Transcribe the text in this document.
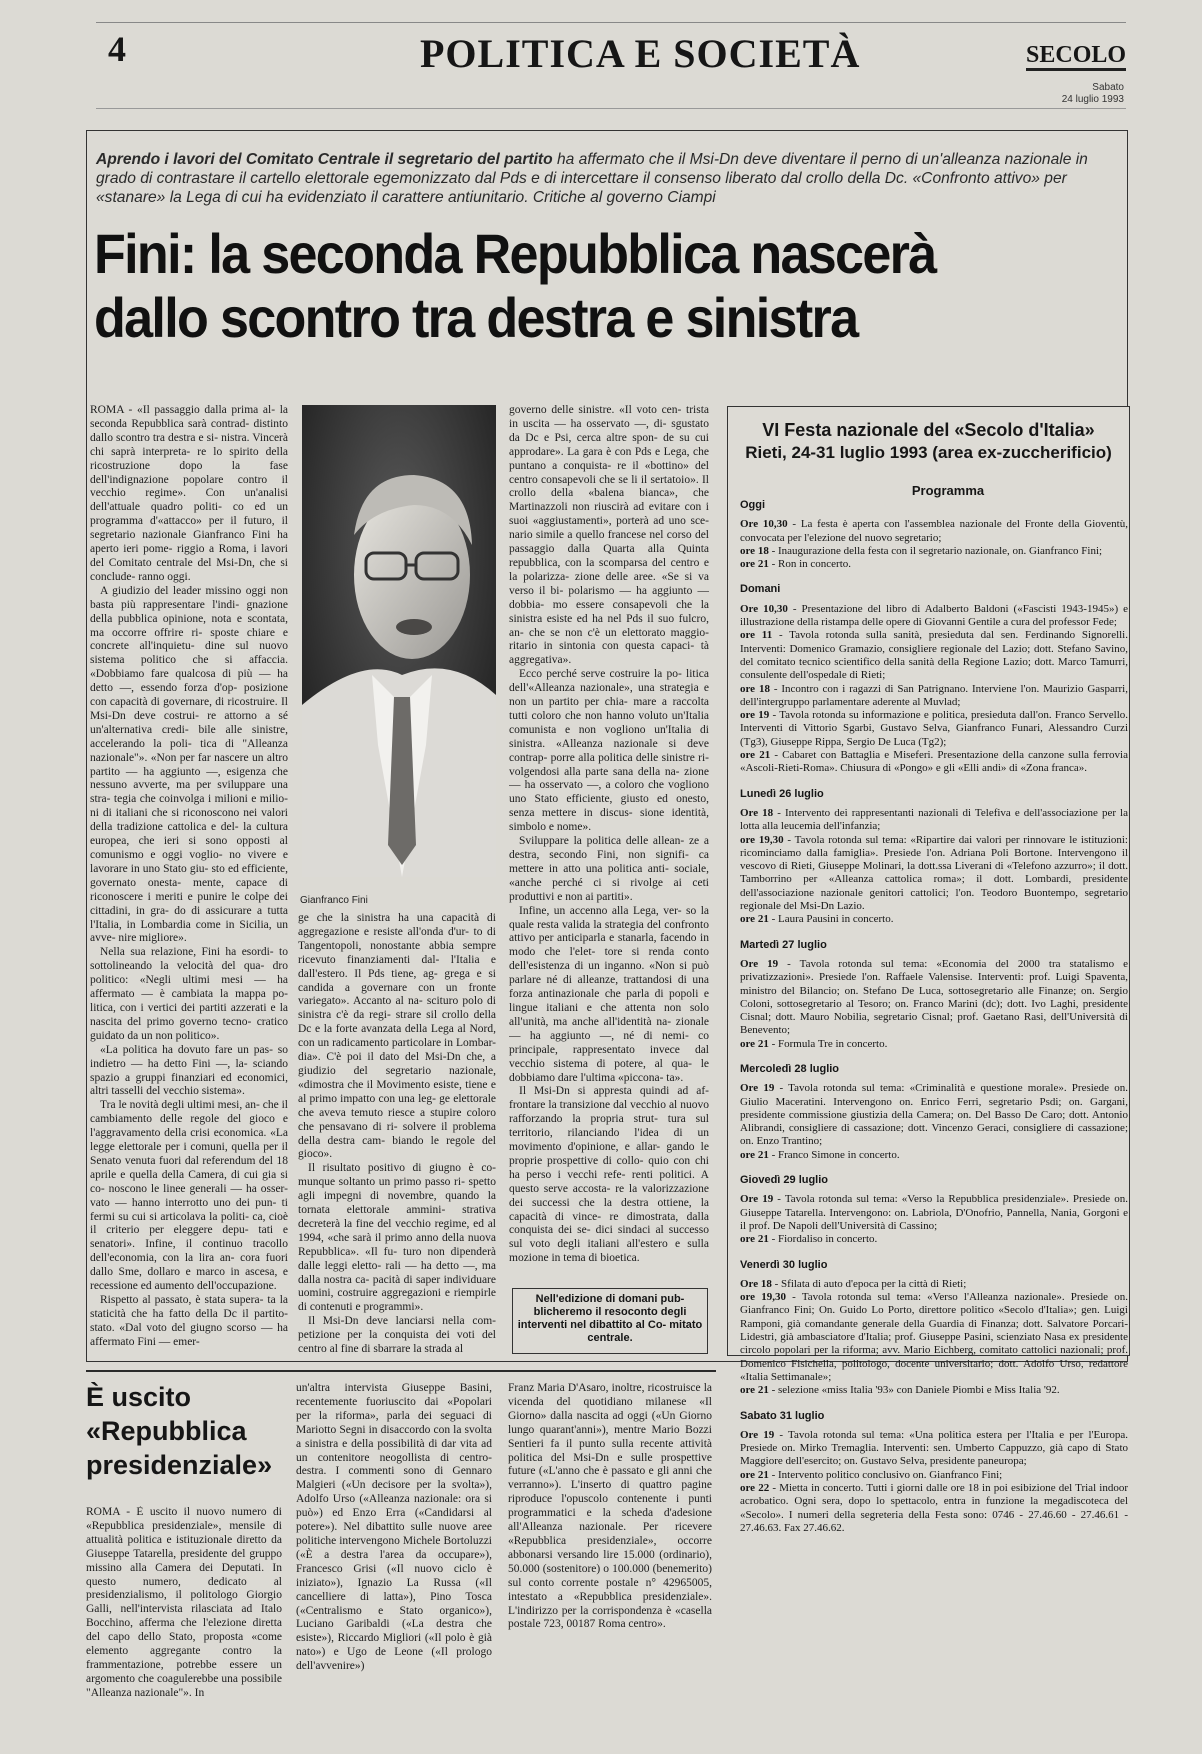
4	POLITICA E SOCIETÀ	SECOLO
Sabato
24 luglio 1993
Aprendo i lavori del Comitato Centrale il segretario del partito ha affermato che il Msi-Dn deve diventare il perno di un'alleanza nazionale in grado di contrastare il cartello elettorale egemonizzato dal Pds e di intercettare il consenso liberato dal crollo della Dc. «Confronto attivo» per «stanare» la Lega di cui ha evidenziato il carattere antiunitario. Critiche al governo Ciampi
Fini: la seconda Repubblica nascerà
dallo scontro tra destra e sinistra

ROMA - «Il passaggio dalla prima al- la seconda Repubblica sarà contrad- distinto dallo scontro tra destra e si- nistra. Vincerà chi saprà interpreta- re lo spirito della ricostruzione dopo la fase dell'indignazione popolare contro il vecchio regime». Con un'analisi dell'attuale quadro politi- co ed un programma d'«attacco» per il futuro, il segretario nazionale Gianfranco Fini ha aperto ieri pome- riggio a Roma, i lavori del Comitato centrale del Msi-Dn, che si conclude- ranno oggi.

A giudizio del leader missino oggi non basta più rappresentare l'indi- gnazione della pubblica opinione, nota e scontata, ma occorre offrire ri- sposte chiare e concrete all'inquietu- dine sul nuovo sistema politico che si affaccia. «Dobbiamo fare qualcosa di più — ha detto —, essendo forza d'op- posizione con capacità di governare, di ricostruire. Il Msi-Dn deve costrui- re attorno a sé un'alternativa credi- bile alle sinistre, accelerando la poli- tica di "Alleanza nazionale"». «Non per far nascere un altro partito — ha aggiunto —, esigenza che nessuno avverte, ma per sviluppare una stra- tegia che coinvolga i milioni e milio- ni di italiani che si riconoscono nei valori della tradizione cattolica e del- la cultura europea, che ieri si sono opposti al comunismo e oggi voglio- no vivere e lavorare in uno Stato giu- sto ed efficiente, governato onesta- mente, capace di riconoscere i meriti e punire le colpe dei cittadini, in gra- do di assicurare a tutta l'Italia, in Lombardia come in Sicilia, un avve- nire migliore».

Nella sua relazione, Fini ha esordi- to sottolineando la velocità del qua- dro politico: «Negli ultimi mesi — ha affermato — è cambiata la mappa po- litica, con i vertici dei partiti azzerati e la nascita del primo governo tecno- cratico guidato da un non politico».

«La politica ha dovuto fare un pas- so indietro — ha detto Fini —, la- sciando spazio a gruppi finanziari ed economici, altri tasselli del vecchio sistema».

Tra le novità degli ultimi mesi, an- che il cambiamento delle regole del gioco e l'aggravamento della crisi economica. «La legge elettorale per i comuni, quella per il Senato venuta fuori dal referendum del 18 aprile e quella della Camera, di cui gia si co- noscono le linee generali — ha osser- vato — hanno interrotto uno dei pun- ti fermi su cui si articolava la politi- ca, cioè il criterio per eleggere depu- tati e senatori». Infine, il continuo tracollo dell'economia, con la lira an- cora fuori dallo Sme, dollaro e marco in ascesa, e recessione ed aumento dell'occupazione.

Rispetto al passato, è stata supera- ta la staticità che ha fatto della Dc il partito-stato. «Dal voto del giugno scorso — ha affermato Fini — emer-

Gianfranco Fini

ge che la sinistra ha una capacità di aggregazione e resiste all'onda d'ur- to di Tangentopoli, nonostante abbia sempre ricevuto finanziamenti dal- l'Italia e dall'estero. Il Pds tiene, ag- grega e si candida a governare con un fronte variegato». Accanto al na- scituro polo di sinistra c'è da regi- strare sil crollo della Dc e la forte avanzata della Lega al Nord, con un radicamento particolare in Lombar- dia». C'è poi il dato del Msi-Dn che, a giudizio del segretario nazionale, «dimostra che il Movimento esiste, tiene e al primo impatto con una leg- ge elettorale che aveva temuto riesce a stupire coloro che pensavano di ri- solvere il problema della destra cam- biando le regole del gioco».

Il risultato positivo di giugno è co- munque soltanto un primo passo ri- spetto agli impegni di novembre, quando la tornata elettorale ammini- strativa decreterà la fine del vecchio regime, ed al 1994, «che sarà il primo anno della nuova Repubblica». «Il fu- turo non dipenderà dalle leggi eletto- rali — ha detto —, ma dalla nostra ca- pacità di saper individuare uomini, costruire aggregazioni e riempirle di contenuti e programmi».

Il Msi-Dn deve lanciarsi nella com- petizione per la conquista dei voti del centro al fine di sbarrare la strada al

governo delle sinistre. «Il voto cen- trista in uscita — ha osservato —, di- sgustato da Dc e Psi, cerca altre spon- de su cui approdare». La gara è con Pds e Lega, che puntano a conquista- re il «bottino» del centro consapevoli che se li il sertatoio». Il crollo della «balena bianca», che Martinazzoli non riuscirà ad evitare con i suoi «aggiustamenti», porterà ad uno sce- nario simile a quello francese nel corso del passaggio dalla Quarta alla Quinta repubblica, con la scomparsa del centro e la polarizza- zione delle aree. «Se si va verso il bi- polarismo — ha aggiunto — dobbia- mo essere consapevoli che la sinistra esiste ed ha nel Pds il suo fulcro, an- che se non c'è un elettorato maggio- ritario in sintonia con questa capaci- tà aggregativa».

Ecco perché serve costruire la po- litica dell'«Alleanza nazionale», una strategia e non un partito per chia- mare a raccolta tutti coloro che non hanno voluto un'Italia comunista e non vogliono un'Italia di sinistra. «Alleanza nazionale si deve contrap- porre alla politica delle sinistre ri- volgendosi alla parte sana della na- zione — ha osservato —, a coloro che vogliono uno Stato efficiente, giusto ed onesto, senza mettere in discus- sione identità, simbolo e nome».

Sviluppare la politica delle allean- ze a destra, secondo Fini, non signifi- ca mettere in atto una politica anti- sociale, «anche perché ci si rivolge ai ceti produttivi e non ai partiti».

Infine, un accenno alla Lega, ver- so la quale resta valida la strategia del confronto attivo per anticiparla e stanarla, facendo in modo che l'elet- tore si renda conto dell'esistenza di un inganno. «Non si può parlare né di alleanze, trattandosi di una forza antinazionale che parla di popoli e lingue italiani e che attenta non solo all'unità, ma anche all'identità na- zionale — ha aggiunto —, né di nemi- co principale, rappresentato invece dal vecchio sistema di potere, al qua- le dobbiamo dare l'ultima «piccona- ta».

Il Msi-Dn si appresta quindi ad af- frontare la transizione dal vecchio al nuovo rafforzando la propria strut- tura sul territorio, rilanciando l'idea di un movimento d'opinione, e allar- gando le proprie prospettive di collo- quio con chi ha perso i vecchi refe- renti politici. A questo serve accosta- re la valorizzazione dei successi che la destra ottiene, la capacità di vince- re dimostrata, dalla conquista dei se- dici sindaci al successo sul voto degli italiani all'estero e sulla mozione in tema di bioetica.

Nell'edizione di domani pub- blicheremo il resoconto degli interventi nel dibattito al Co- mitato centrale.
VI Festa nazionale del «Secolo d'Italia»
Rieti, 24-31 luglio 1993 (area ex-zuccherificio)
Programma
Oggi

Ore 10,30 - La festa è aperta con l'assemblea nazionale del Fronte della Gioventù, convocata per l'elezione del nuovo segretario;

ore 18 - Inaugurazione della festa con il segretario nazionale, on. Gianfranco Fini;

ore 21 - Ron in concerto.

Domani

Ore 10,30 - Presentazione del libro di Adalberto Baldoni («Fascisti 1943-1945») e illustrazione della ristampa delle opere di Giovanni Gentile a cura del professor Fede;

ore 11 - Tavola rotonda sulla sanità, presieduta dal sen. Ferdinando Signorelli. Interventi: Domenico Gramazio, consigliere regionale del Lazio; dott. Stefano Savino, del comitato tecnico scientifico della sanità della Regione Lazio; dott. Marco Tamurri, consulente dell'ospedale di Rieti;

ore 18 - Incontro con i ragazzi di San Patrignano. Interviene l'on. Maurizio Gasparri, dell'intergruppo parlamentare aderente al Muvlad;

ore 19 - Tavola rotonda su informazione e politica, presieduta dall'on. Franco Servello. Interventi di Vittorio Sgarbi, Gustavo Selva, Gianfranco Funari, Alessandro Curzi (Tg3), Giuseppe Rippa, Sergio De Luca (Tg2);

ore 21 - Cabaret con Battaglia e Miseferi. Presentazione della canzone sulla ferrovia «Ascoli-Rieti-Roma». Chiusura di «Pongo» e gli «Elli andi» di «Zona franca».

Lunedì 26 luglio

Ore 18 - Intervento dei rappresentanti nazionali di Telefiva e dell'associazione per la lotta alla leucemia dell'infanzia;

ore 19,30 - Tavola rotonda sul tema: «Ripartire dai valori per rinnovare le istituzioni: ricominciamo dalla famiglia». Presiede l'on. Adriana Poli Bortone. Intervengono il vescovo di Rieti, Giuseppe Molinari, la dott.ssa Liverani di «Telefono azzurro»; il dott. Tamborrino per «Alleanza cattolica roma»; il dott. Lombardi, presidente dell'associazione nazionale genitori cattolici; l'on. Teodoro Buontempo, segretario regionale del Msi-Dn Lazio.

ore 21 - Laura Pausini in concerto.

Martedì 27 luglio

Ore 19 - Tavola rotonda sul tema: «Economia del 2000 tra statalismo e privatizzazioni». Presiede l'on. Raffaele Valensise. Interventi: prof. Luigi Spaventa, ministro del Bilancio; on. Stefano De Luca, sottosegretario alle Finanze; on. Sergio Coloni, sottosegretario al Tesoro; on. Franco Marini (dc); dott. Ivo Laghi, presidente Cisnal; dott. Mauro Nobilia, segretario Cisnal; prof. Gaetano Rasi, dell'Università di Benevento;

ore 21 - Formula Tre in concerto.

Mercoledì 28 luglio

Ore 19 - Tavola rotonda sul tema: «Criminalità e questione morale». Presiede on. Giulio Maceratini. Intervengono on. Enrico Ferri, segretario Psdi; on. Gargani, presidente commissione giustizia della Camera; on. Del Basso De Caro; dott. Antonio Alibrandi, consigliere di cassazione; dott. Vincenzo Geraci, consigliere di cassazione; on. Enzo Trantino;

ore 21 - Franco Simone in concerto.

Giovedì 29 luglio

Ore 19 - Tavola rotonda sul tema: «Verso la Repubblica presidenziale». Presiede on. Giuseppe Tatarella. Intervengono: on. Labriola, D'Onofrio, Pannella, Nania, Gorgoni e il prof. De Napoli dell'Università di Cassino;

ore 21 - Fiordaliso in concerto.

Venerdì 30 luglio

Ore 18 - Sfilata di auto d'epoca per la città di Rieti;

ore 19,30 - Tavola rotonda sul tema: «Verso l'Alleanza nazionale». Presiede on. Gianfranco Fini; On. Guido Lo Porto, direttore politico «Secolo d'Italia»; gen. Luigi Ramponi, già comandante generale della Guardia di Finanza; dott. Salvatore Porcari-Lidestri, già ambasciatore d'Italia; prof. Giuseppe Pasini, scienziato Nasa ex presidente circolo popolari per la riforma; avv. Mario Eichberg, comitato cattolici nazionali; prof. Domenico Fisichella, politologo, docente universitario; dott. Adolfo Urso, redattore «Italia Settimanale»;

ore 21 - selezione «miss Italia '93» con Daniele Piombi e Miss Italia '92.

Sabato 31 luglio

Ore 19 - Tavola rotonda sul tema: «Una politica estera per l'Italia e per l'Europa. Presiede on. Mirko Tremaglia. Interventi: sen. Umberto Cappuzzo, già capo di Stato Maggiore dell'esercito; on. Gustavo Selva, presidente paneuropa;

ore 21 - Intervento politico conclusivo on. Gianfranco Fini;

ore 22 - Mietta in concerto. Tutti i giorni dalle ore 18 in poi esibizione del Trial indoor acrobatico. Ogni sera, dopo lo spettacolo, entra in funzione la megadiscoteca del «Secolo». I numeri della segreteria della Festa sono: 0746 - 27.46.60 - 27.46.61 - 27.46.63. Fax 27.46.62.

È uscito «Repubblica presidenziale»

ROMA - È uscito il nuovo numero di «Repubblica presidenziale», mensile di attualità politica e istituzionale diretto da Giuseppe Tatarella, presidente del gruppo missino alla Camera dei Deputati. In questo numero, dedicato al presidenzialismo, il politologo Giorgio Galli, nell'intervista rilasciata ad Italo Bocchino, afferma che l'elezione diretta del capo dello Stato, proposta «come elemento aggregante contro la frammentazione, potrebbe essere un argomento che coagulerebbe una possibile "Alleanza nazionale"». In

un'altra intervista Giuseppe Basini, recentemente fuoriuscito dai «Popolari per la riforma», parla dei seguaci di Mariotto Segni in disaccordo con la svolta a sinistra e della possibilità di dar vita ad un contenitore neogollista di centro-destra. I commenti sono di Gennaro Malgieri («Un decisore per la svolta»), Adolfo Urso («Alleanza nazionale: ora si può») ed Enzo Erra («Candidarsi al potere»). Nel dibattito sulle nuove aree politiche intervengono Michele Bortoluzzi («È a destra l'area da occupare»), Francesco Grisi («Il nuovo ciclo è iniziato»), Ignazio La Russa («Il cancelliere di latta»), Pino Tosca («Centralismo e Stato organico»), Luciano Garibaldi («La destra che esiste»), Riccardo Migliori («Il polo è già nato») e Ugo de Leone («Il prologo dell'avvenire»)

Franz Maria D'Asaro, inoltre, ricostruisce la vicenda del quotidiano milanese «Il Giorno» dalla nascita ad oggi («Un Giorno lungo quarant'anni»), mentre Mario Bozzi Sentieri fa il punto sulla recente attività politica del Msi-Dn e sulle prospettive future («L'anno che è passato e gli anni che verranno»). L'inserto di quattro pagine riproduce l'opuscolo contenente i punti programmatici e la scheda d'adesione all'Alleanza nazionale. Per ricevere «Repubblica presidenziale», occorre abbonarsi versando lire 15.000 (ordinario), 50.000 (sostenitore) o 100.000 (benemerito) sul conto corrente postale n° 42965005, intestato a «Repubblica presidenziale». L'indirizzo per la corrispondenza è «casella postale 723, 00187 Roma centro».
